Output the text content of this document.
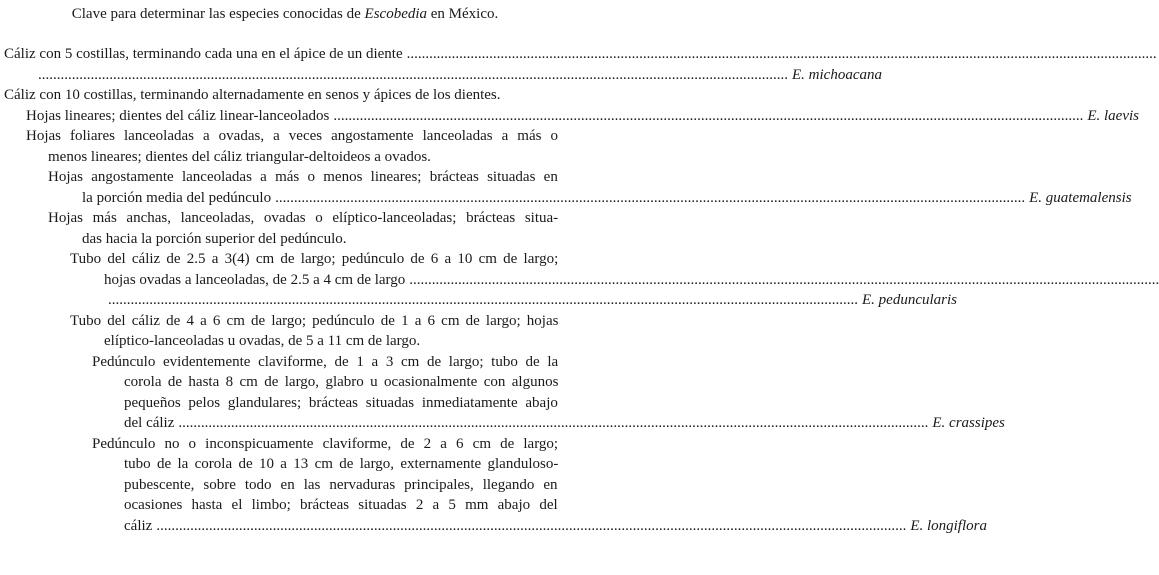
Clave para determinar las especies conocidas de Escobedia en México.
Cáliz con 5 costillas, terminando cada una en el ápice de un diente ........................................................................................................................................................................................................
........................................................................................................................................................................................................ E. michoacana
Cáliz con 10 costillas, terminando alternadamente en senos y ápices de los dientes.
Hojas lineares; dientes del cáliz linear-lanceolados ........................................................................................................................................................................................................ E. laevis
Hojas foliares lanceoladas a ovadas, a veces angostamente lanceoladas a más o
menos lineares; dientes del cáliz triangular-deltoideos a ovados.
Hojas angostamente lanceoladas a más o menos lineares; brácteas situadas en
la porción media del pedúnculo ........................................................................................................................................................................................................ E. guatemalensis
Hojas más anchas, lanceoladas, ovadas o elíptico-lanceoladas; brácteas situa-
das hacia la porción superior del pedúnculo.
Tubo del cáliz de 2.5 a 3(4) cm de largo; pedúnculo de 6 a 10 cm de largo;
hojas ovadas a lanceoladas, de 2.5 a 4 cm de largo ........................................................................................................................................................................................................
........................................................................................................................................................................................................ E. peduncularis
Tubo del cáliz de 4 a 6 cm de largo; pedúnculo de 1 a 6 cm de largo; hojas
elíptico-lanceoladas u ovadas, de 5 a 11 cm de largo.
Pedúnculo evidentemente claviforme, de 1 a 3 cm de largo; tubo de la
corola de hasta 8 cm de largo, glabro u ocasionalmente con algunos
pequeños pelos glandulares; brácteas situadas inmediatamente abajo
del cáliz ........................................................................................................................................................................................................ E. crassipes
Pedúnculo no o inconspicuamente claviforme, de 2 a 6 cm de largo;
tubo de la corola de 10 a 13 cm de largo, externamente glanduloso-
pubescente, sobre todo en las nervaduras principales, llegando en
ocasiones hasta el limbo; brácteas situadas 2 a 5 mm abajo del
cáliz ........................................................................................................................................................................................................ E. longiflora
